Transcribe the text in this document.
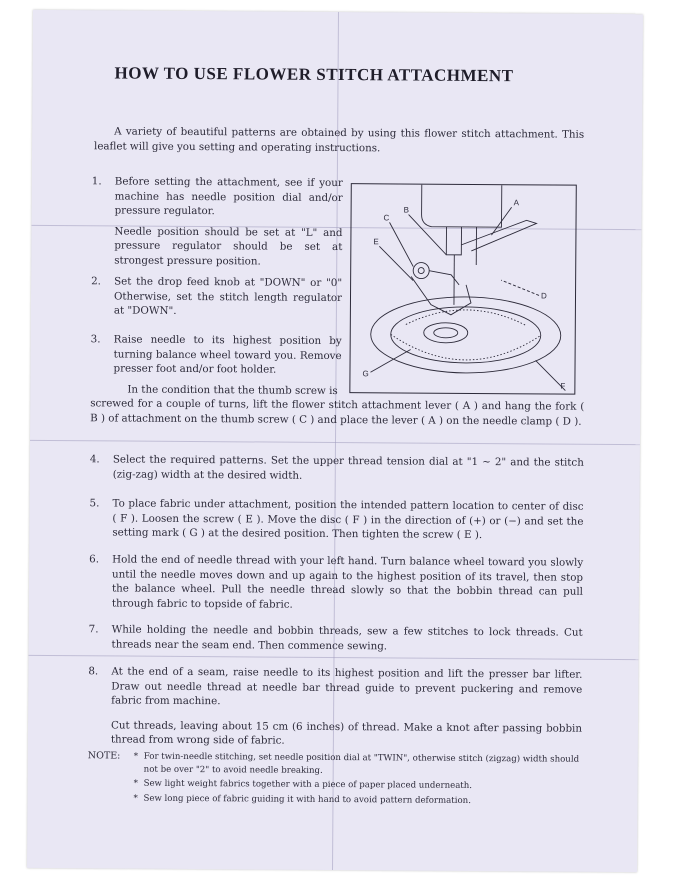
HOW TO USE FLOWER STITCH ATTACHMENT
A variety of beautiful patterns are obtained by using this flower stitch attachment. This leaflet will give you setting and operating instructions.
1. Before setting the attachment, see if your machine has needle position dial and/or pressure regulator.

Needle position should be set at "L" and pressure regulator should be set at strongest pressure position.

2. Set the drop feed knob at "DOWN" or "0" Otherwise, set the stitch length regulator at "DOWN".

3. Raise needle to its highest position by turning balance wheel toward you. Remove presser foot and/or foot holder.

In the condition that the thumb screw is

screwed for a couple of turns, lift the flower stitch attachment lever ( A ) and hang the fork ( B ) of attachment on the thumb screw ( C ) and place the lever ( A ) on the needle clamp ( D ).

4. Select the required patterns. Set the upper thread tension dial at "1 ~ 2" and the stitch (zig-zag) width at the desired width.

5. To place fabric under attachment, position the intended pattern location to center of disc ( F ). Loosen the screw ( E ). Move the disc ( F ) in the direction of (+) or (−) and set the setting mark ( G ) at the desired position. Then tighten the screw ( E ).

6. Hold the end of needle thread with your left hand. Turn balance wheel toward you slowly until the needle moves down and up again to the highest position of its travel, then stop the balance wheel. Pull the needle thread slowly so that the bobbin thread can pull through fabric to topside of fabric.

7. While holding the needle and bobbin threads, sew a few stitches to lock threads. Cut threads near the seam end. Then commence sewing.

8. At the end of a seam, raise needle to its highest position and lift the presser bar lifter. Draw out needle thread at needle bar thread guide to prevent puckering and remove fabric from machine.

Cut threads, leaving about 15 cm (6 inches) of thread. Make a knot after passing bobbin thread from wrong side of fabric.

NOTE:
*	For twin-needle stitching, set needle position dial at "TWIN", otherwise stitch (zigzag) width should not be over "2" to avoid needle breaking.
* Sew light weight fabrics together with a piece of paper placed underneath.
* Sew long piece of fabric guiding it with hand to avoid pattern deformation.
A
B
C
D
E
F
G
